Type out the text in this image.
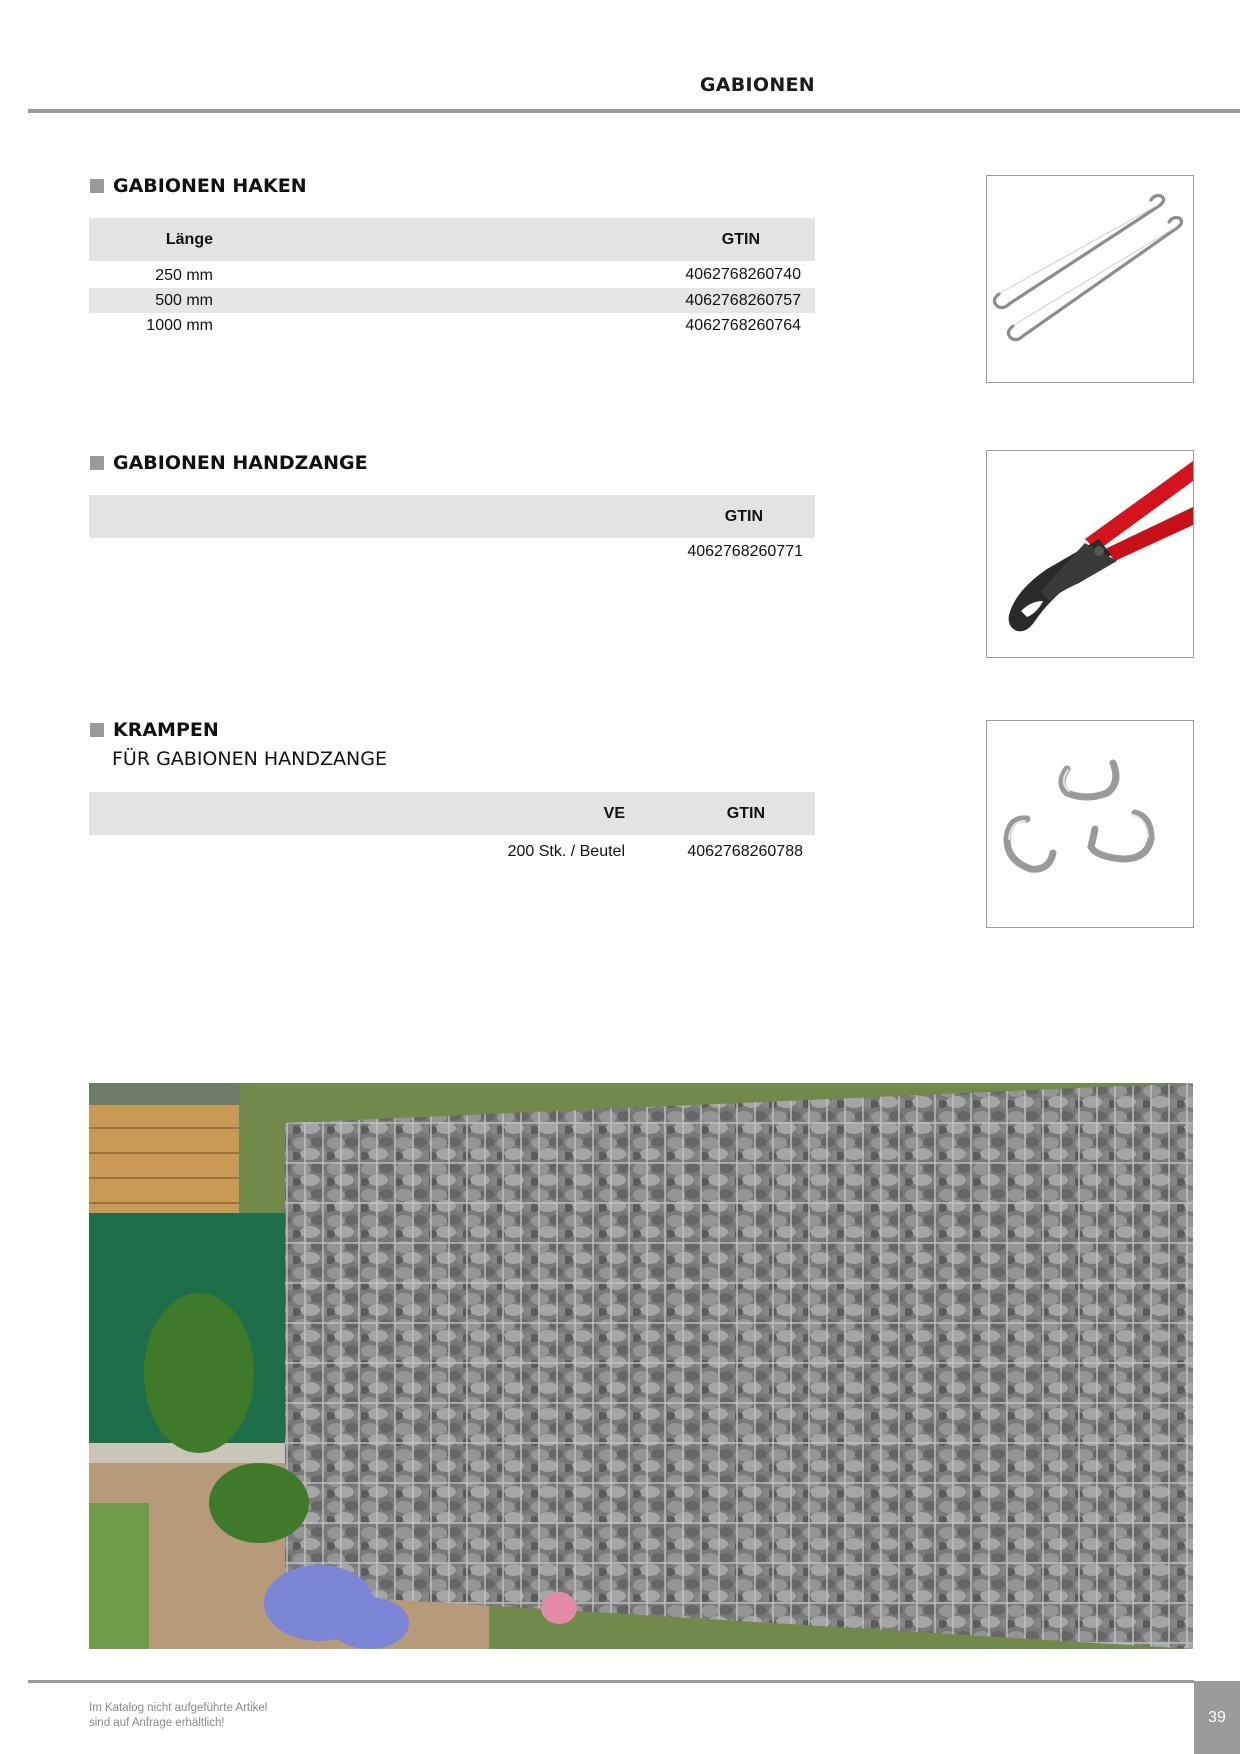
GABIONEN
GABIONEN HAKEN
Länge	GTIN
250 mm	4062768260740
500 mm	4062768260757
1000 mm	4062768260764
GABIONEN HANDZANGE
GTIN
4062768260771
KRAMPEN
FÜR GABIONEN HANDZANGE
VE	GTIN
200 Stk. / Beutel	4062768260788
Im Katalog nicht aufgeführte Artikel
sind auf Anfrage erhältlich!	39
